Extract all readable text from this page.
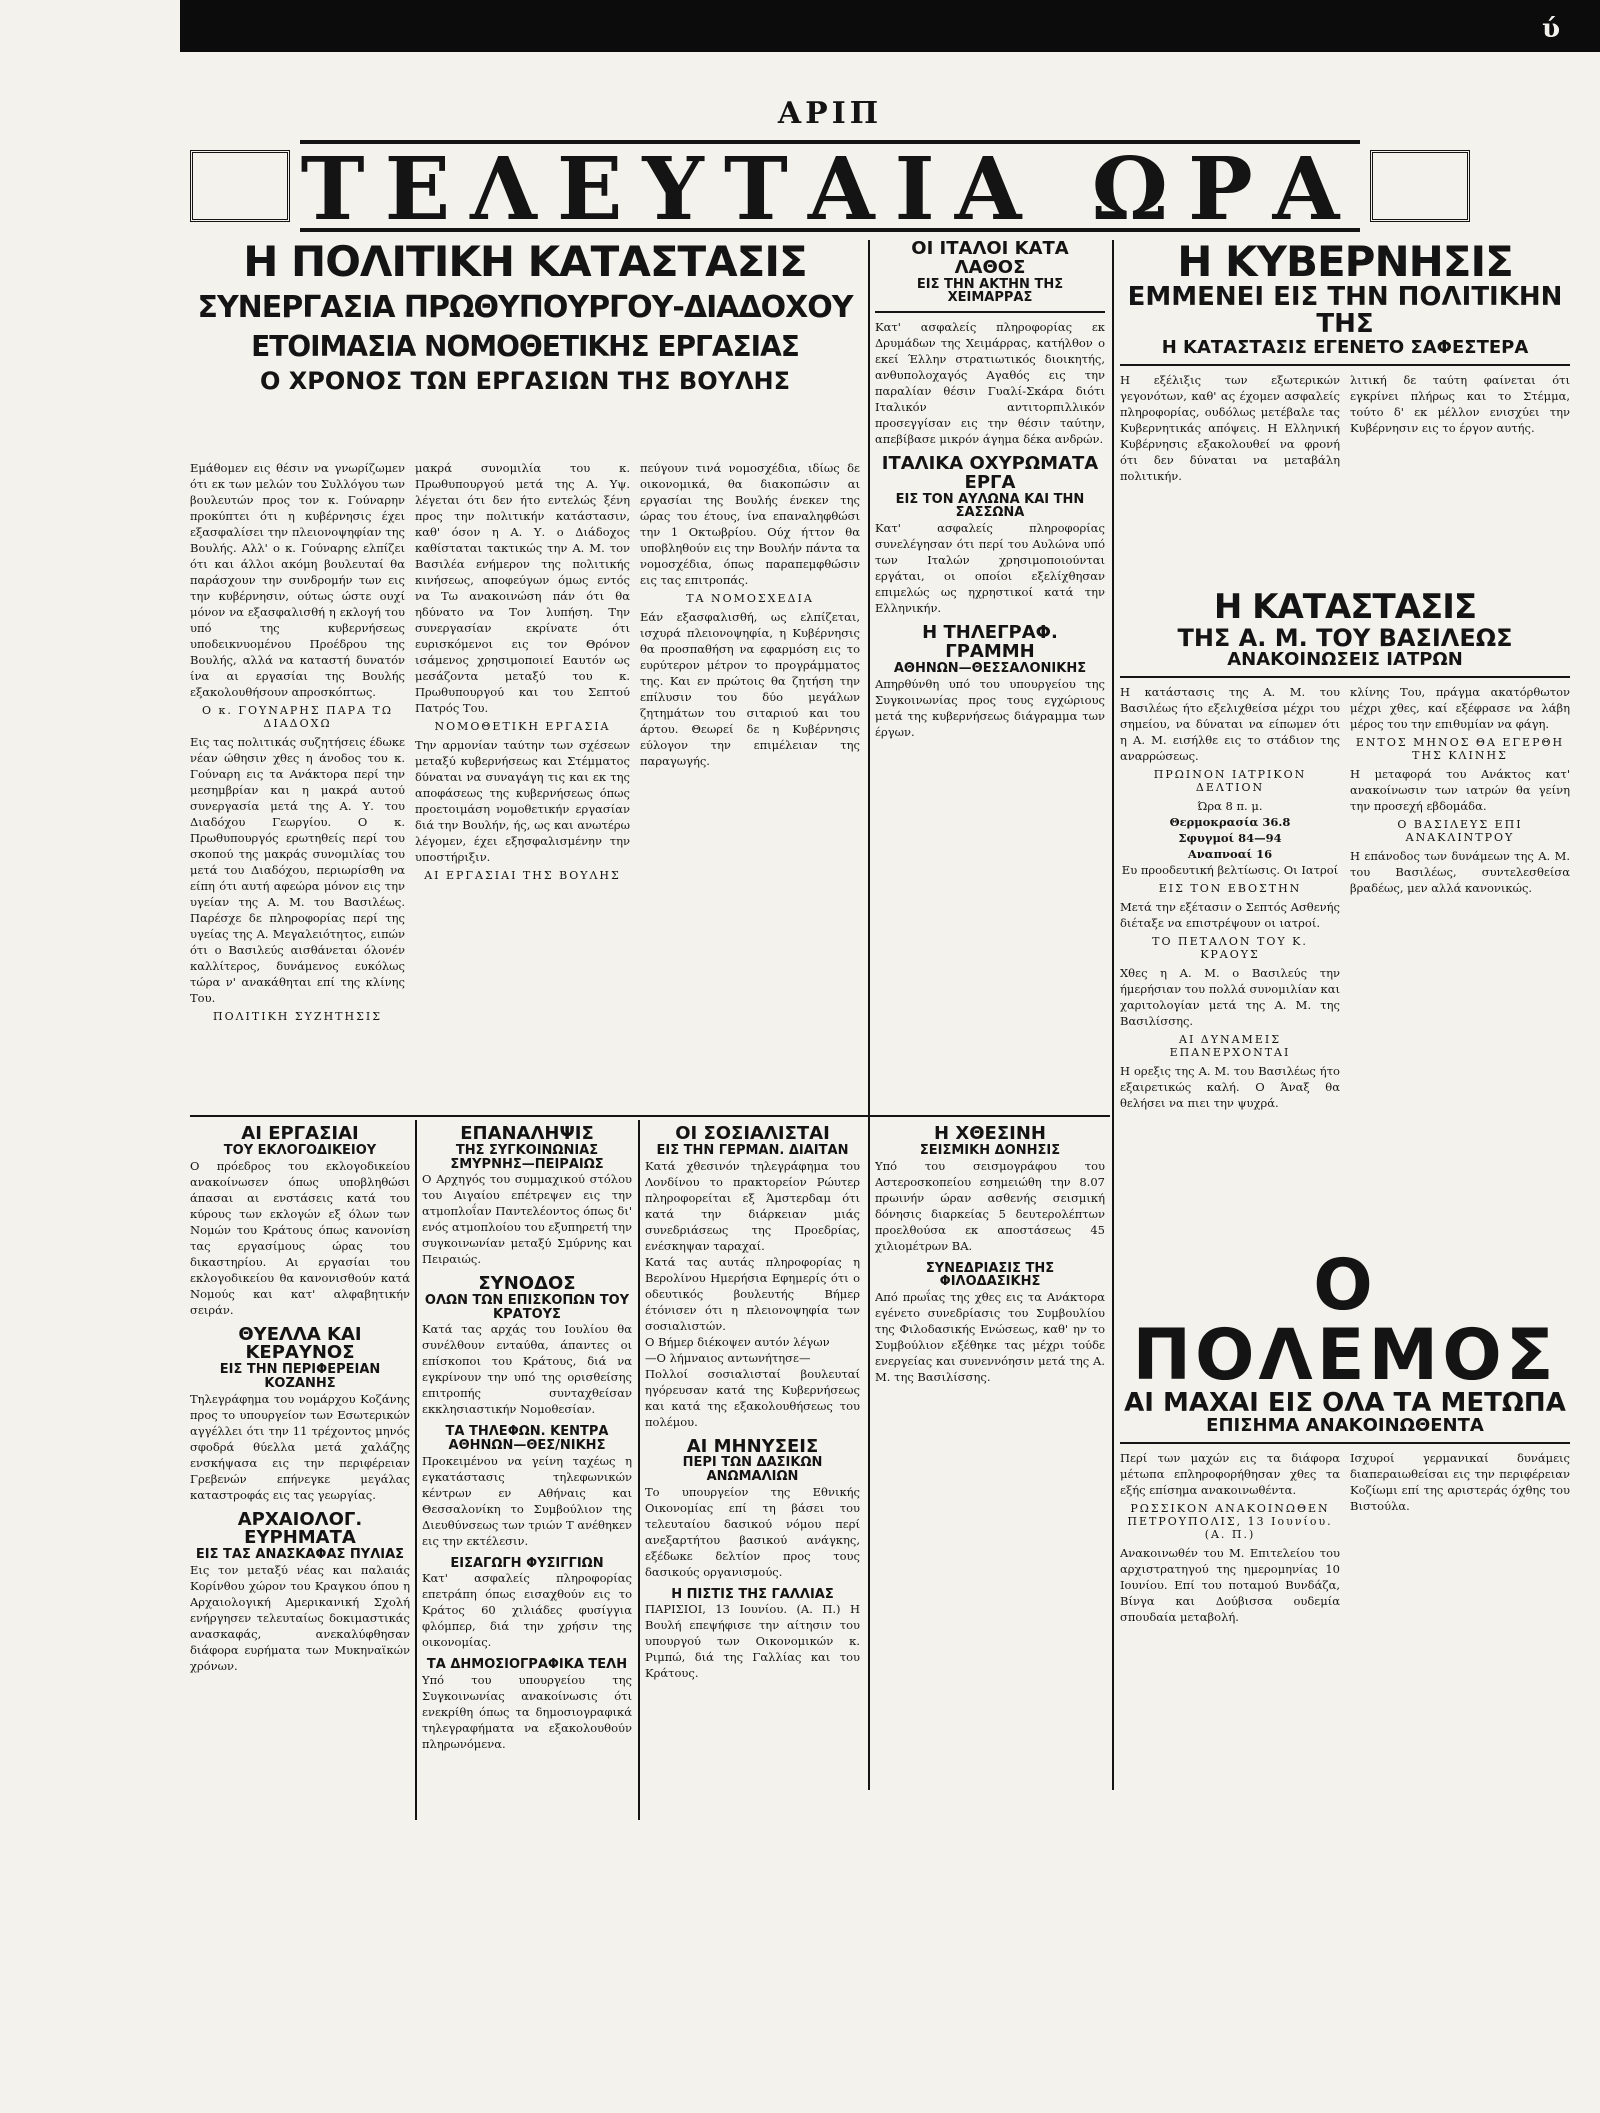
ύ
ΑΡΙΠ
ΤΕΛΕΥΤΑΙΑ ΩΡΑ
Η ΠΟΛΙΤΙΚΗ ΚΑΤΑΣΤΑΣΙΣ
ΣΥΝΕΡΓΑΣΙΑ ΠΡΩΘΥΠΟΥΡΓΟΥ-ΔΙΑΔΟΧΟΥ
ΕΤΟΙΜΑΣΙΑ ΝΟΜΟΘΕΤΙΚΗΣ ΕΡΓΑΣΙΑΣ
Ο ΧΡΟΝΟΣ ΤΩΝ ΕΡΓΑΣΙΩΝ ΤΗΣ ΒΟΥΛΗΣ

Εμάθομεν εις θέσιν να γνωρίζωμεν ότι εκ των μελών του Συλλόγου των βουλευτών προς τον κ. Γούναρην προκύπτει ότι η κυβέρνησις έχει εξασφαλίσει την πλειονοψηφίαν της Βουλής. Αλλ' ο κ. Γούναρης ελπίζει ότι και άλλοι ακόμη βουλευταί θα παράσχουν την συνδρομήν των εις την κυβέρνησιν, ούτως ώστε ουχί μόνον να εξασφαλισθή η εκλογή του υπό της κυβερνήσεως υποδεικνυομένου Προέδρου της Βουλής, αλλά να καταστή δυνατόν ίνα αι εργασίαι της Βουλής εξακολουθήσουν απροσκόπτως.

Ο κ. ΓΟΥΝΑΡΗΣ ΠΑΡΑ ΤΩ ΔΙΑΔΟΧΩ

Εις τας πολιτικάς συζητήσεις έδωκε νέαν ώθησιν χθες η άνοδος του κ. Γούναρη εις τα Ανάκτορα περί την μεσημβρίαν και η μακρά αυτού συνεργασία μετά της Α. Υ. του Διαδόχου Γεωργίου. Ο κ. Πρωθυπουργός ερωτηθείς περί του σκοπού της μακράς συνομιλίας του μετά του Διαδόχου, περιωρίσθη να είπη ότι αυτή αφεώρα μόνον εις την υγείαν της Α. Μ. του Βασιλέως. Παρέσχε δε πληροφορίας περί της υγείας της Α. Μεγαλειότητος, ειπών ότι ο Βασιλεύς αισθάνεται όλονέν καλλίτερος, δυνάμενος ευκόλως τώρα ν' ανακάθηται επί της κλίνης Του.

ΠΟΛΙΤΙΚΗ ΣΥΖΗΤΗΣΙΣ

μακρά συνομιλία του κ. Πρωθυπουργού μετά της Α. Υψ. λέγεται ότι δεν ήτο εντελώς ξένη προς την πολιτικήν κατάστασιν, καθ' όσον η Α. Υ. ο Διάδοχος καθίσταται τακτικώς την Α. Μ. τον Βασιλέα ενήμερον της πολιτικής κινήσεως, αποφεύγων όμως εντός να Τω ανακοινώση πάν ότι θα ηδύνατο να Τον λυπήση. Την συνεργασίαν εκρίνατε ότι ευρισκόμενοι εις τον Θρόνον ισάμενος χρησιμοποιεί Εαυτόν ως μεσάζοντα μεταξύ του κ. Πρωθυπουργού και του Σεπτού Πατρός Του.

ΝΟΜΟΘΕΤΙΚΗ ΕΡΓΑΣΙΑ

Την αρμονίαν ταύτην των σχέσεων μεταξύ κυβερνήσεως και Στέμματος δύναται να συναγάγη τις και εκ της αποφάσεως της κυβερνήσεως όπως προετοιμάση νομοθετικήν εργασίαν διά την Βουλήν, ής, ως και ανωτέρω λέγομεν, έχει εξησφαλισμένην την υποστήριξιν.

ΑΙ ΕΡΓΑΣΙΑΙ ΤΗΣ ΒΟΥΛΗΣ

πεύγουν τινά νομοσχέδια, ιδίως δε οικονομικά, θα διακοπώσιν αι εργασίαι της Βουλής ένεκεν της ώρας του έτους, ίνα επαναληφθώσι την 1 Οκτωβρίου. Ούχ ήττον θα υποβληθούν εις την Βουλήν πάντα τα νομοσχέδια, όπως παραπεμφθώσιν εις τας επιτροπάς.

ΤΑ ΝΟΜΟΣΧΕΔΙΑ

Εάν εξασφαλισθή, ως ελπίζεται, ισχυρά πλειονοψηφία, η Κυβέρνησις θα προσπαθήση να εφαρμόση εις το ευρύτερον μέτρον το προγράμματος της. Και εν πρώτοις θα ζητήση την επίλυσιν του δύο μεγάλων ζητημάτων του σιταριού και του άρτου. Θεωρεί δε η Κυβέρνησις εύλογον την επιμέλειαν της παραγωγής.

ΟΙ ΙΤΑΛΟΙ ΚΑΤΑ ΛΑΘΟΣ
ΕΙΣ ΤΗΝ ΑΚΤΗΝ ΤΗΣ ΧΕΙΜΑΡΡΑΣ

Κατ' ασφαλείς πληροφορίας εκ Δρυμάδων της Χειμάρρας, κατήλθον ο εκεί Έλλην στρατιωτικός διοικητής, ανθυπολοχαγός Αγαθός εις την παραλίαν θέσιν Γυαλί-Σκάρα διότι Ιταλικόν αντιτορπιλλικόν προσεγγίσαν εις την θέσιν ταύτην, απεβίβασε μικρόν άγημα δέκα ανδρών.

ΙΤΑΛΙΚΑ ΟΧΥΡΩΜΑΤΑ ΕΡΓΑ
ΕΙΣ ΤΟΝ ΑΥΛΩΝΑ ΚΑΙ ΤΗΝ ΣΑΣΣΩΝΑ

Κατ' ασφαλείς πληροφορίας συνελέγησαν ότι περί του Αυλώνα υπό των Ιταλών χρησιμοποιούνται εργάται, οι οποίοι εξελίχθησαν επιμελώς ως ηχρηστικοί κατά την Ελληνικήν.

Η ΤΗΛΕΓΡΑΦ. ΓΡΑΜΜΗ
ΑΘΗΝΩΝ—ΘΕΣΣΑΛΟΝΙΚΗΣ

Απηρθύνθη υπό του υπουργείου της Συγκοινωνίας προς τους εγχώριους μετά της κυβερνήσεως διάγραμμα των έργων.

Η ΚΥΒΕΡΝΗΣΙΣ
ΕΜΜΕΝΕΙ ΕΙΣ ΤΗΝ ΠΟΛΙΤΙΚΗΝ ΤΗΣ
Η ΚΑΤΑΣΤΑΣΙΣ ΕΓΕΝΕΤΟ ΣΑΦΕΣΤΕΡΑ

Η εξέλιξις των εξωτερικών γεγονότων, καθ' ας έχομεν ασφαλείς πληροφορίας, ουδόλως μετέβαλε τας Κυβερνητικάς απόψεις. Η Ελληνική Κυβέρνησις εξακολουθεί να φρονή ότι δεν δύναται να μεταβάλη πολιτικήν.

λιτική δε ταύτη φαίνεται ότι εγκρίνει πλήρως και το Στέμμα, τούτο δ' εκ μέλλον ενισχύει την Κυβέρνησιν εις το έργον αυτής.

Η ΚΑΤΑΣΤΑΣΙΣ
ΤΗΣ Α. Μ. ΤΟΥ ΒΑΣΙΛΕΩΣ
ΑΝΑΚΟΙΝΩΣΕΙΣ ΙΑΤΡΩΝ

Η κατάστασις της Α. Μ. του Βασιλέως ήτο εξελιχθείσα μέχρι του σημείου, να δύναται να είπωμεν ότι η Α. Μ. εισήλθε εις το στάδιον της αναρρώσεως.

ΠΡΩΙΝΟΝ ΙΑΤΡΙΚΟΝ ΔΕΛΤΙΟΝ
Ώρα 8 π. μ.
Θερμοκρασία 36.8
Σφυγμοί 84—94
Αναπνοαί 16
Ευ προοδευτική βελτίωσις. Οι Ιατροί
ΕΙΣ ΤΟΝ ΕΒΟΣΤΗΝ

Μετά την εξέτασιν ο Σεπτός Ασθενής διέταξε να επιστρέψουν οι ιατροί.

ΤΟ ΠΕΤΑΛΟΝ ΤΟΥ Κ. ΚΡΑΟΥΣ

Χθες η Α. Μ. ο Βασιλεύς την ήμερήσιαν του πολλά συνομιλίαν και χαριτολογίαν μετά της Α. Μ. της Βασιλίσσης.

ΑΙ ΔΥΝΑΜΕΙΣ ΕΠΑΝΕΡΧΟΝΤΑΙ

Η ορεξις της Α. Μ. του Βασιλέως ήτο εξαιρετικώς καλή. Ο Άναξ θα θελήσει να πιει την ψυχρά.

κλίνης Του, πράγμα ακατόρθωτον μέχρι χθες, καί εξέφρασε να λάβη μέρος του την επιθυμίαν να φάγη.

ΕΝΤΟΣ ΜΗΝΟΣ ΘΑ ΕΓΕΡΘΗ ΤΗΣ ΚΛΙΝΗΣ

Η μεταφορά του Ανάκτος κατ' ανακοίνωσιν των ιατρών θα γείνη την προσεχή εβδομάδα.

Ο ΒΑΣΙΛΕΥΣ ΕΠΙ ΑΝΑΚΛΙΝΤΡΟΥ

Η επάνοδος των δυνάμεων της Α. Μ. του Βασιλέως, συντελεσθείσα βραδέως, μεν αλλά κανονικώς.

Ο ΠΟΛΕΜΟΣ
ΑΙ ΜΑΧΑΙ ΕΙΣ ΟΛΑ ΤΑ ΜΕΤΩΠΑ
ΕΠΙΣΗΜΑ ΑΝΑΚΟΙΝΩΘΕΝΤΑ

Περί των μαχών εις τα διάφορα μέτωπα επληροφορήθησαν χθες τα εξής επίσημα ανακοινωθέντα.

ΡΩΣΣΙΚΟΝ ΑΝΑΚΟΙΝΩΘΕΝ ΠΕΤΡΟΥΠΟΛΙΣ, 13 Ιουνίου. (Α. Π.)

Ανακοινωθέν του Μ. Επιτελείου του αρχιστρατηγού της ημερομηνίας 10 Ιουνίου. Επί του ποταμού Βυνδάζα, Βίνγα και Δούβισσα ουδεμία σπουδαία μεταβολή.

Ισχυροί γερμανικαί δυνάμεις διαπεραιωθείσαι εις την περιφέρειαν Κοζίωμι επί της αριστεράς όχθης του Βιστούλα.

ΑΙ ΕΡΓΑΣΙΑΙ
ΤΟΥ ΕΚΛΟΓΟΔΙΚΕΙΟΥ

Ο πρόεδρος του εκλογοδικείου ανακοίνωσεν όπως υποβληθώσι άπασαι αι ενστάσεις κατά του κύρους των εκλογών εξ όλων των Νομών του Κράτους όπως κανονίση τας εργασίμους ώρας του δικαστηρίου. Αι εργασίαι του εκλογοδικείου θα κανονισθούν κατά Νομούς και κατ' αλφαβητικήν σειράν.

ΘΥΕΛΛΑ ΚΑΙ ΚΕΡΑΥΝΟΣ
ΕΙΣ ΤΗΝ ΠΕΡΙΦΕΡΕΙΑΝ ΚΟΖΑΝΗΣ

Τηλεγράφημα του νομάρχου Κοζάνης προς το υπουργείον των Εσωτερικών αγγέλλει ότι την 11 τρέχοντος μηνός σφοδρά θύελλα μετά χαλάζης ενσκήψασα εις την περιφέρειαν Γρεβενών επήνεγκε μεγάλας καταστροφάς εις τας γεωργίας.

ΑΡΧΑΙΟΛΟΓ. ΕΥΡΗΜΑΤΑ
ΕΙΣ ΤΑΣ ΑΝΑΣΚΑΦΑΣ ΠΥΛΙΑΣ

Εις τον μεταξύ νέας και παλαιάς Κορίνθου χώρον του Κραγκου όπου η Αρχαιολογική Αμερικανική Σχολή ενήργησεν τελευταίως δοκιμαστικάς ανασκαφάς, ανεκαλύφθησαν διάφορα ευρήματα των Μυκηναϊκών χρόνων.

ΕΠΑΝΑΛΗΨΙΣ
ΤΗΣ ΣΥΓΚΟΙΝΩΝΙΑΣ
ΣΜΥΡΝΗΣ—ΠΕΙΡΑΙΩΣ

Ο Αρχηγός του συμμαχικού στόλου του Αιγαίου επέτρεψεν εις την ατμοπλοΐαν Παντελέοντος όπως δι' ενός ατμοπλοίου του εξυπηρετή την συγκοινωνίαν μεταξύ Σμύρνης και Πειραιώς.

ΣΥΝΟΔΟΣ
ΟΛΩΝ ΤΩΝ ΕΠΙΣΚΟΠΩΝ ΤΟΥ ΚΡΑΤΟΥΣ

Κατά τας αρχάς του Ιουλίου θα συνέλθουν ενταύθα, άπαντες οι επίσκοποι του Κράτους, διά να εγκρίνουν την υπό της ορισθείσης επιτροπής συνταχθείσαν εκκλησιαστικήν Νομοθεσίαν.

ΤΑ ΤΗΛΕΦΩΝ. ΚΕΝΤΡΑ
ΑΘΗΝΩΝ—ΘΕΣ/ΝΙΚΗΣ

Προκειμένου να γείνη ταχέως η εγκατάστασις τηλεφωνικών κέντρων εν Αθήναις και Θεσσαλονίκη το Συμβούλιον της Διευθύνσεως των τριών Τ ανέθηκεν εις την εκτέλεσιν.

ΕΙΣΑΓΩΓΗ ΦΥΣΙΓΓΙΩΝ

Κατ' ασφαλείς πληροφορίας επετράπη όπως εισαχθούν εις το Κράτος 60 χιλιάδες φυσίγγια φλόμπερ, διά την χρήσιν της οικονομίας.

ΤΑ ΔΗΜΟΣΙΟΓΡΑΦΙΚΑ ΤΕΛΗ

Υπό του υπουργείου της Συγκοινωνίας ανακοίνωσις ότι ενεκρίθη όπως τα δημοσιογραφικά τηλεγραφήματα να εξακολουθούν πληρωνόμενα.

ΟΙ ΣΟΣΙΑΛΙΣΤΑΙ
ΕΙΣ ΤΗΝ ΓΕΡΜΑΝ. ΔΙΑΙΤΑΝ

Κατά χθεσινόν τηλεγράφημα του Λονδίνου το πρακτορείον Ρώυτερ πληροφορείται εξ Άμστερδαμ ότι κατά την διάρκειαν μιάς συνεδριάσεως της Προεδρίας, ενέσκηψαν ταραχαί.

Κατά τας αυτάς πληροφορίας η Βερολίνου Ημερήσια Εφημερίς ότι ο οδευτικός βουλευτής Βήμερ έτόνισεν ότι η πλειονοψηφία των σοσιαλιστών.

Ο Βήμερ διέκοψεν αυτόν λέγων

—Ο λήμναιος αντωνήτησε—

Πολλοί σοσιαλισταί βουλευταί ηγόρευσαν κατά της Κυβερνήσεως και κατά της εξακολουθήσεως του πολέμου.

ΑΙ ΜΗΝΥΣΕΙΣ
ΠΕΡΙ ΤΩΝ ΔΑΣΙΚΩΝ ΑΝΩΜΑΛΙΩΝ

Το υπουργείον της Εθνικής Οικονομίας επί τη βάσει του τελευταίου δασικού νόμου περί ανεξαρτήτου βασικού ανάγκης, εξέδωκε δελτίον προς τους δασικούς οργανισμούς.

Η ΠΙΣΤΙΣ ΤΗΣ ΓΑΛΛΙΑΣ

ΠΑΡΙΣΙΟΙ, 13 Ιουνίου. (Α. Π.) Η Βουλή επεψήφισε την αίτησιν του υπουργού των Οικονομικών κ. Ριμπώ, διά της Γαλλίας και του Κράτους.

Η ΧΘΕΣΙΝΗ
ΣΕΙΣΜΙΚΗ ΔΟΝΗΣΙΣ

Υπό του σεισμογράφου του Αστεροσκοπείου εσημειώθη την 8.07 πρωινήν ώραν ασθενής σεισμική δόνησις διαρκείας 5 δευτερολέπτων προελθούσα εκ αποστάσεως 45 χιλιομέτρων ΒΑ.

ΣΥΝΕΔΡΙΑΣΙΣ ΤΗΣ ΦΙΛΟΔΑΣΙΚΗΣ

Από πρωΐας της χθες εις τα Ανάκτορα εγένετο συνεδρίασις του Συμβουλίου της Φιλοδασικής Ενώσεως, καθ' ην το Συμβούλιον εξέθηκε τας μέχρι τούδε ενεργείας και συνεννόησιν μετά της Α. Μ. της Βασιλίσσης.
